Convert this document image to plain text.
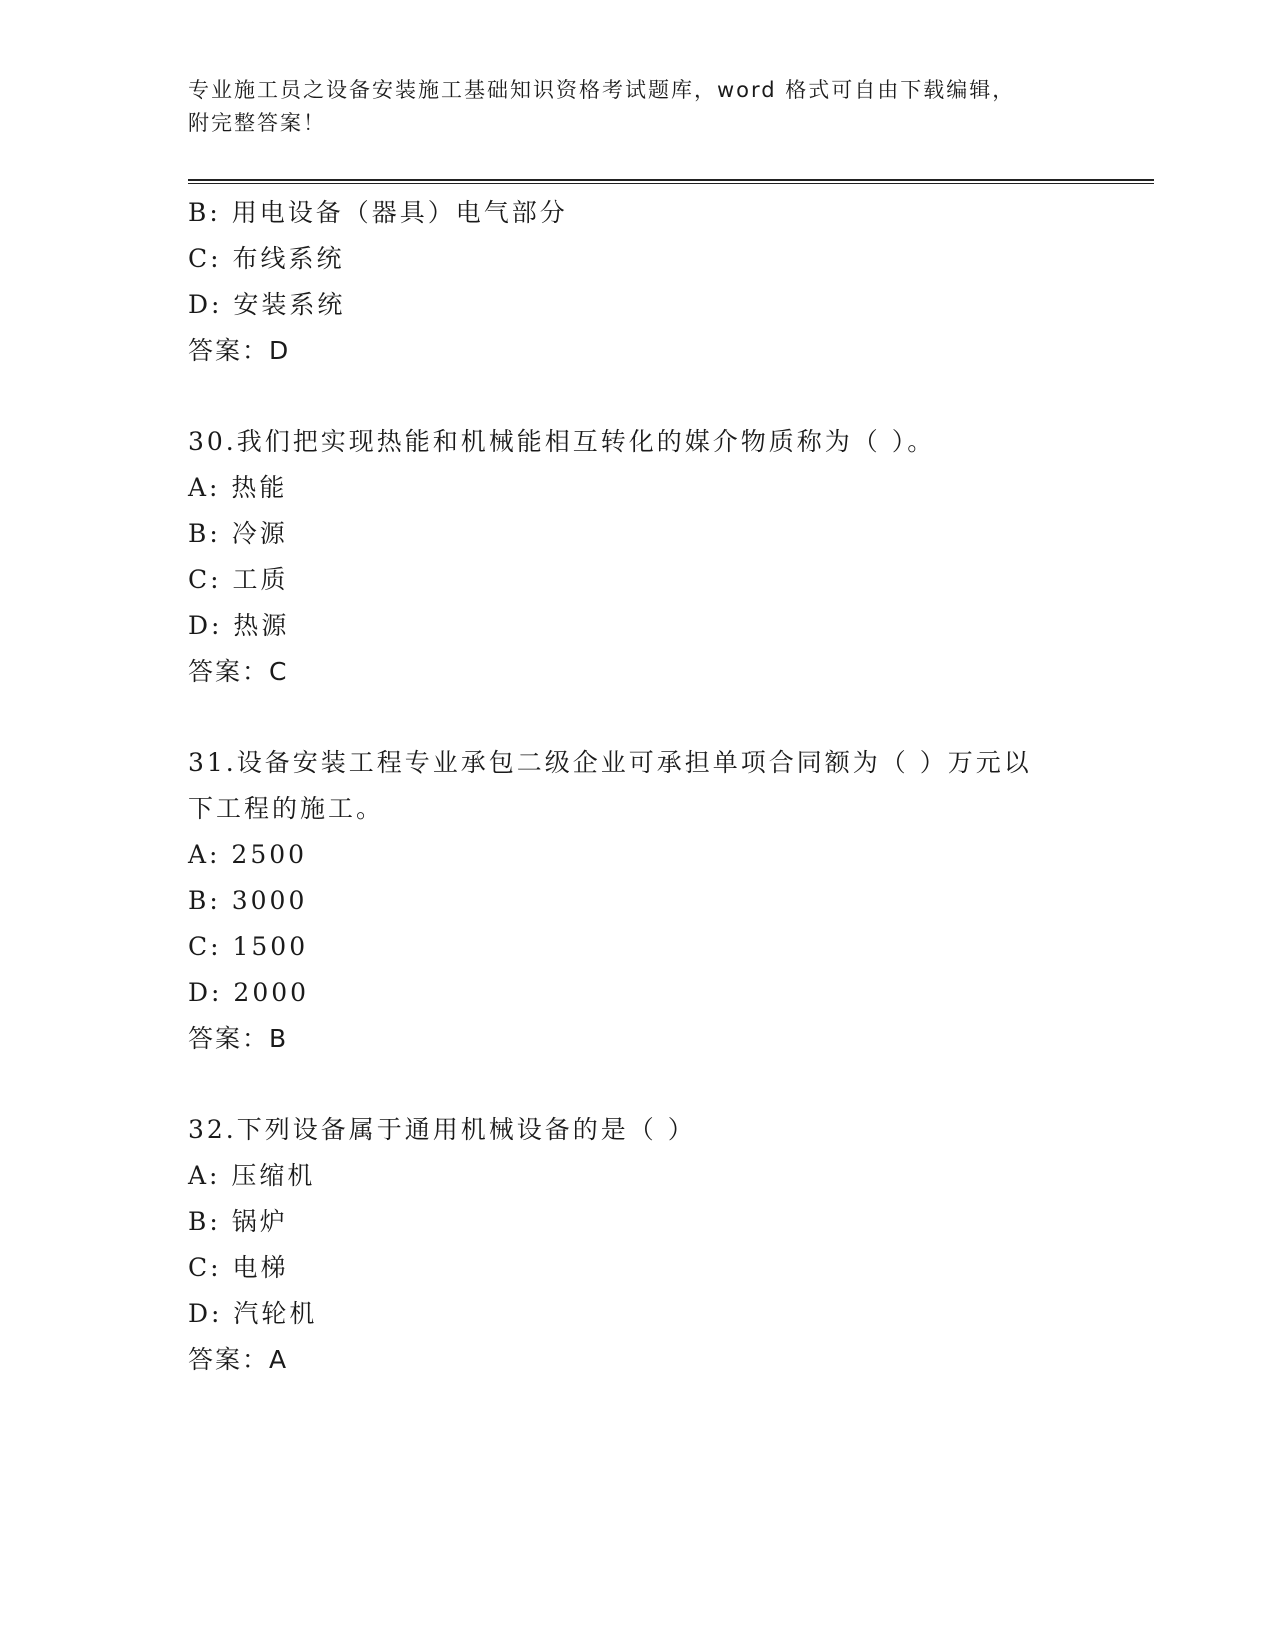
专业施工员之设备安装施工基础知识资格考试题库，word 格式可自由下载编辑，
附完整答案！
B: 用电设备（器具）电气部分
C: 布线系统
D: 安装系统
答案：D
30.我们把实现热能和机械能相互转化的媒介物质称为（ ）。
A: 热能
B: 冷源
C: 工质
D: 热源
答案：C
31.设备安装工程专业承包二级企业可承担单项合同额为（ ）万元以
下工程的施工。
A: 2500
B: 3000
C: 1500
D: 2000
答案：B
32.下列设备属于通用机械设备的是（ ）
A: 压缩机
B: 锅炉
C: 电梯
D: 汽轮机
答案：A
